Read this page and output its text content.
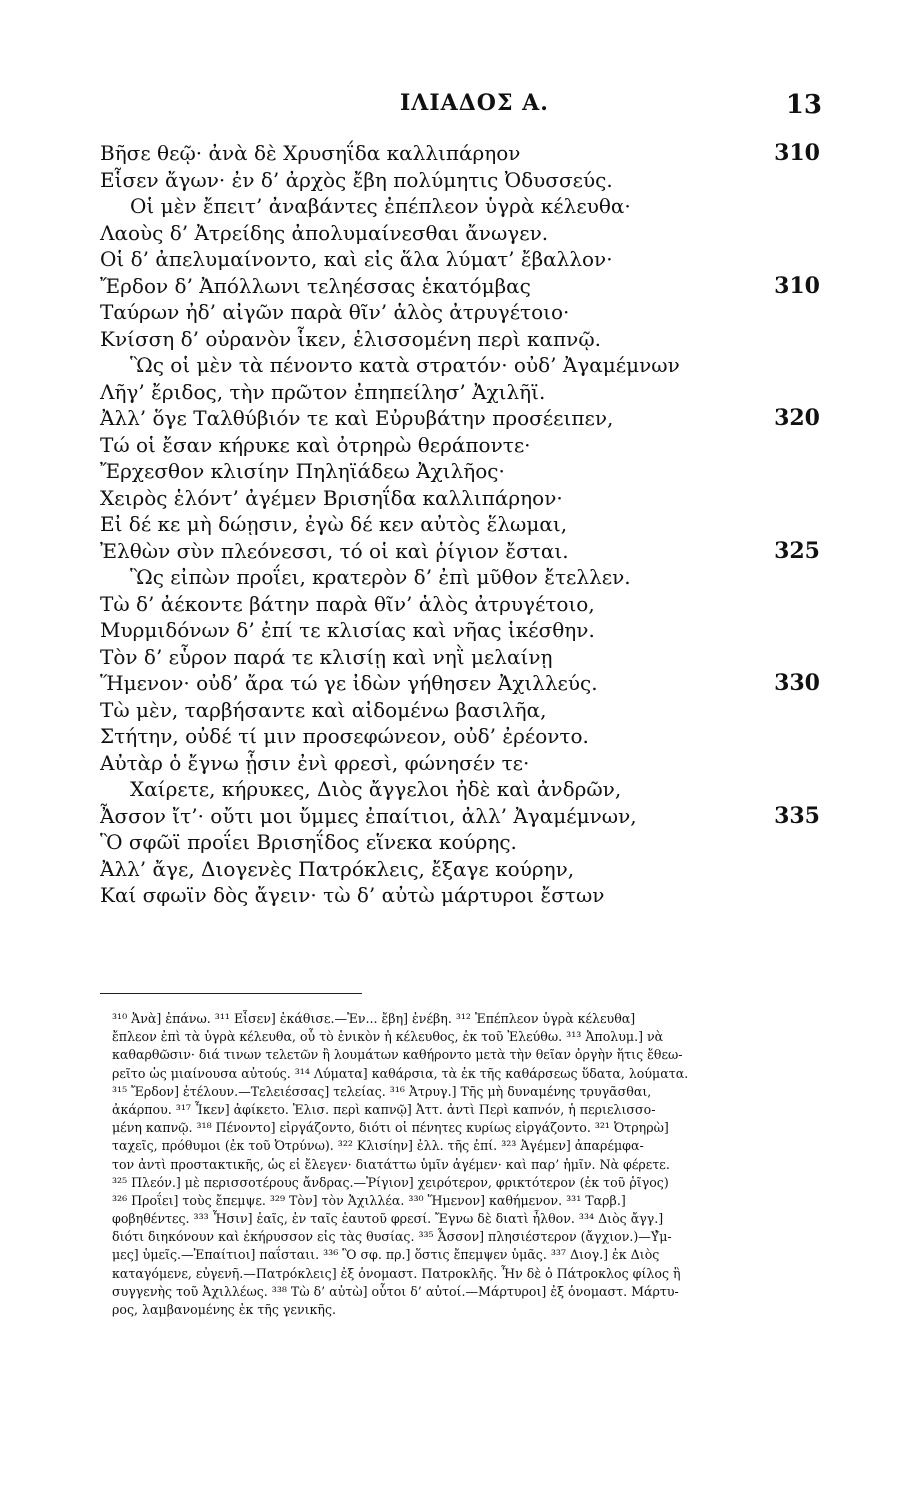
ΙΛΙΑΔΟΣ Α.	13
Βῆσε θεῷ· ἀνὰ δὲ Χρυσηΐδα καλλιπάρηον	310
Εἷσεν ἄγων· ἐν δ’ ἀρχὸς ἔβη πολύμητις Ὀδυσσεύς.
Οἱ μὲν ἔπειτ’ ἀναβάντες ἐπέπλεον ὑγρὰ κέλευθα·
Λαοὺς δ’ Ἀτρείδης ἀπολυμαίνεσθαι ἄνωγεν.
Οἱ δ’ ἀπελυμαίνοντο, καὶ εἰς ἅλα λύματ’ ἔβαλλον·
Ἔρδον δ’ Ἀπόλλωνι τεληέσσας ἑκατόμβας	310
Ταύρων ἠδ’ αἰγῶν παρὰ θῖν’ ἁλὸς ἀτρυγέτοιο·
Κνίσση δ’ οὐρανὸν ἷκεν, ἑλισσομένη περὶ καπνῷ.
Ὣς οἱ μὲν τὰ πένοντο κατὰ στρατόν· οὐδ’ Ἀγαμέμνων
Λῆγ’ ἔριδος, τὴν πρῶτον ἐπηπείλησ’ Ἀχιλῆϊ.
Ἀλλ’ ὅγε Ταλθύβιόν τε καὶ Εὐρυβάτην προσέειπεν,	320
Τώ οἱ ἔσαν κήρυκε καὶ ὀτρηρὼ θεράποντε·
Ἔρχεσθον κλισίην Πηληϊάδεω Ἀχιλῆος·
Χειρὸς ἑλόντ’ ἀγέμεν Βρισηΐδα καλλιπάρηον·
Εἰ δέ κε μὴ δώῃσιν, ἐγὼ δέ κεν αὐτὸς ἕλωμαι,
Ἐλθὼν σὺν πλεόνεσσι, τό οἱ καὶ ῥίγιον ἔσται.	325
Ὣς εἰπὼν προΐει, κρατερὸν δ’ ἐπὶ μῦθον ἔτελλεν.
Τὼ δ’ ἀέκοντε βάτην παρὰ θῖν’ ἁλὸς ἀτρυγέτοιο,
Μυρμιδόνων δ’ ἐπί τε κλισίας καὶ νῆας ἱκέσθην.
Τὸν δ’ εὗρον παρά τε κλισίῃ καὶ νηῒ μελαίνῃ
Ἥμενον· οὐδ’ ἄρα τώ γε ἰδὼν γήθησεν Ἀχιλλεύς.	330
Τὼ μὲν, ταρβήσαντε καὶ αἰδομένω βασιλῆα,
Στήτην, οὐδέ τί μιν προσεφώνεον, οὐδ’ ἐρέοντο.
Αὐτὰρ ὁ ἔγνω ᾗσιν ἐνὶ φρεσὶ, φώνησέν τε·
Χαίρετε, κήρυκες, Διὸς ἄγγελοι ἠδὲ καὶ ἀνδρῶν,
Ἆσσον ἴτ’· οὔτι μοι ὔμμες ἐπαίτιοι, ἀλλ’ Ἀγαμέμνων,	335
Ὃ σφῶϊ προΐει Βρισηΐδος εἵνεκα κούρης.
Ἀλλ’ ἄγε, Διογενὲς Πατρόκλεις, ἔξαγε κούρην,
Καί σφωϊν δὸς ἄγειν· τὼ δ’ αὐτὼ μάρτυροι ἔστων
³¹⁰ Ἀνὰ] ἐπάνω. ³¹¹ Εἷσεν] ἐκάθισε.—Ἐν... ἔβη] ἐνέβη. ³¹² Ἐπέπλεον ὑγρὰ κέλευθα]
ἔπλεον ἐπὶ τὰ ὑγρὰ κέλευθα, οὗ τὸ ἑνικὸν ἡ κέλευθος, ἐκ τοῦ Ἐλεύθω. ³¹³ Ἀπολυμ.] νὰ
καθαρθῶσιν· διά τινων τελετῶν ἢ λουμάτων καθήροντο μετὰ τὴν θεῖαν ὀργὴν ἥτις ἔθεω-
ρεῖτο ὡς μιαίνουσα αὐτούς. ³¹⁴ Λύματα] καθάρσια, τὰ ἐκ τῆς καθάρσεως ὕδατα, λούματα.
³¹⁵ Ἔρδον] ἐτέλουν.—Τελειέσσας] τελείας. ³¹⁶ Ἀτρυγ.] Τῆς μὴ δυναμένης τρυγᾶσθαι,
ἀκάρπου. ³¹⁷ Ἷκεν] ἀφίκετο. Ἐλισ. περὶ καπνῷ] Ἀττ. ἀντὶ Περὶ καπνόν, ἡ περιελισσο-
μένη καπνῷ. ³¹⁸ Πένοντο] εἰργάζοντο, διότι οἱ πένητες κυρίως εἰργάζοντο. ³²¹ Ὀτρηρὼ]
ταχεῖς, πρόθυμοι (ἐκ τοῦ Ὀτρύνω). ³²² Κλισίην] ἐλλ. τῆς ἐπί. ³²³ Ἀγέμεν] ἀπαρέμφα-
τον ἀντὶ προστακτικῆς, ὡς εἰ ἔλεγεν· διατάττω ὑμῖν ἀγέμεν· καὶ παρ’ ἡμῖν. Νὰ φέρετε.
³²⁵ Πλεόν.] μὲ περισσοτέρους ἄνδρας.—Ῥίγιον] χειρότερον, φρικτότερον (ἐκ τοῦ ῥῖγος)
³²⁶ Προΐει] τοὺς ἔπεμψε. ³²⁹ Τὸν] τὸν Ἀχιλλέα. ³³⁰ Ἥμενον] καθήμενον. ³³¹ Ταρβ.]
φοβηθέντες. ³³³ Ἧσιν] ἑαῖς, ἐν ταῖς ἑαυτοῦ φρεσί. Ἔγνω δὲ διατὶ ἦλθον. ³³⁴ Διὸς ἄγγ.]
διότι διηκόνουν καὶ ἐκήρυσσον εἰς τὰς θυσίας. ³³⁵ Ἆσσον] πλησιέστερον (ἄγχιον.)—Υ̓́μ-
μες] ὑμεῖς.—Ἐπαίτιοι] παΐσταιι. ³³⁶ Ὃ σφ. πρ.] ὅστις ἔπεμψεν ὑμᾶς. ³³⁷ Διογ.] ἐκ Διὸς
καταγόμενε, εὐγενῆ.—Πατρόκλεις] ἐξ ὀνομαστ. Πατροκλῆς. Ἦν δὲ ὁ Πάτροκλος φίλος ἢ
συγγενὴς τοῦ Ἀχιλλέως. ³³⁸ Τὼ δ’ αὐτὼ] οὗτοι δ’ αὐτοί.—Μάρτυροι] ἐξ ὀνομαστ. Μάρτυ-
ρος, λαμβανομένης ἐκ τῆς γενικῆς.
